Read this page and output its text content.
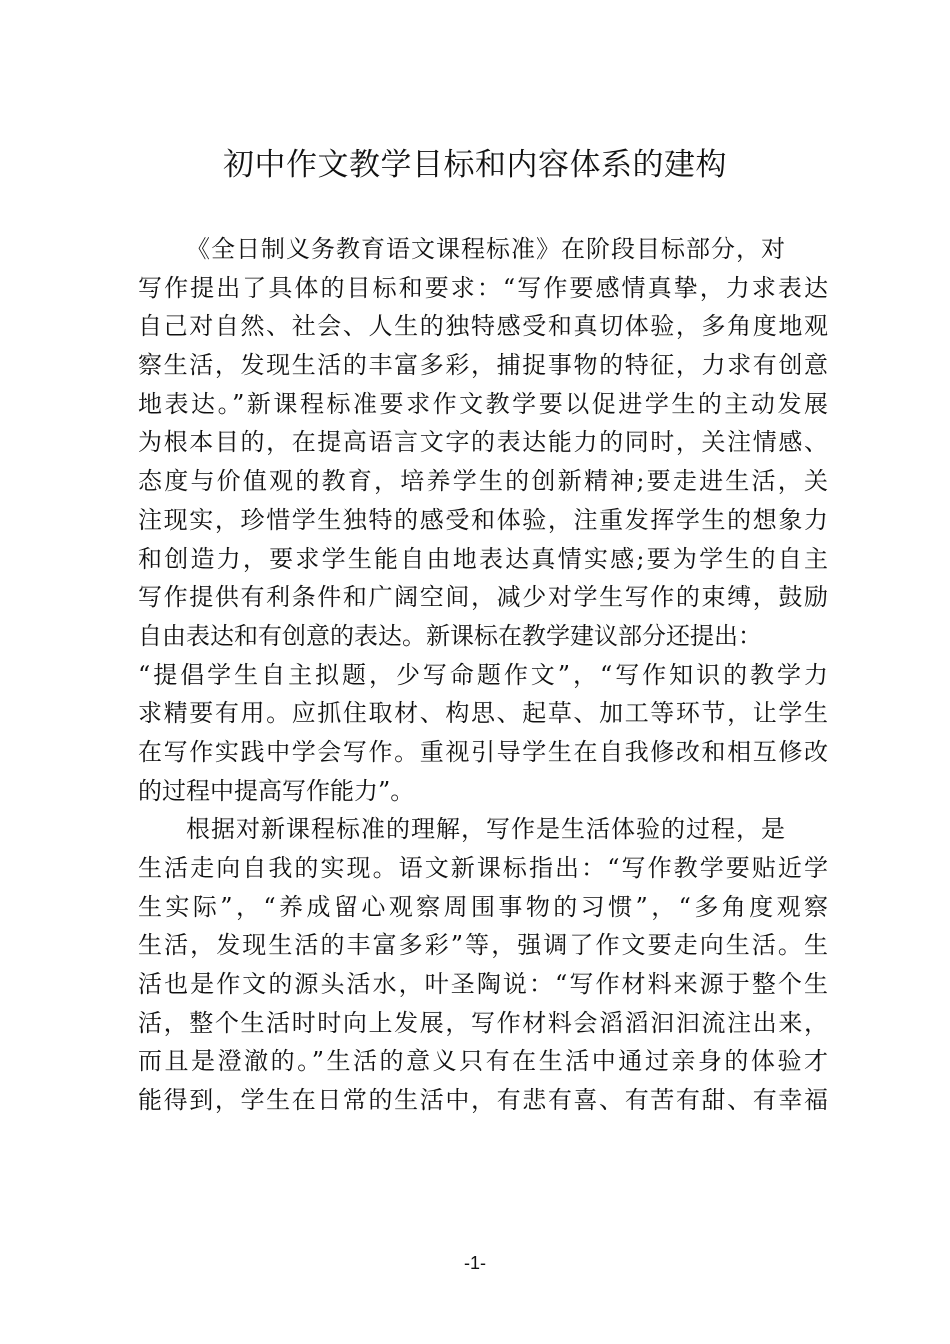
初中作文教学目标和内容体系的建构
《全日制义务教育语文课程标准》在阶段目标部分，对
写作提出了具体的目标和要求：“写作要感情真挚，力求表达
自己对自然、社会、人生的独特感受和真切体验，多角度地观
察生活，发现生活的丰富多彩，捕捉事物的特征，力求有创意
地表达。”新课程标准要求作文教学要以促进学生的主动发展
为根本目的，在提高语言文字的表达能力的同时，关注情感、
态度与价值观的教育，培养学生的创新精神;要走进生活，关
注现实，珍惜学生独特的感受和体验，注重发挥学生的想象力
和创造力，要求学生能自由地表达真情实感;要为学生的自主
写作提供有利条件和广阔空间，减少对学生写作的束缚，鼓励
自由表达和有创意的表达。新课标在教学建议部分还提出：
“提倡学生自主拟题，少写命题作文”，“写作知识的教学力
求精要有用。应抓住取材、构思、起草、加工等环节，让学生
在写作实践中学会写作。重视引导学生在自我修改和相互修改
的过程中提高写作能力”。
根据对新课程标准的理解，写作是生活体验的过程，是
生活走向自我的实现。语文新课标指出：“写作教学要贴近学
生实际”，“养成留心观察周围事物的习惯”，“多角度观察
生活，发现生活的丰富多彩”等，强调了作文要走向生活。生
活也是作文的源头活水，叶圣陶说：“写作材料来源于整个生
活，整个生活时时向上发展，写作材料会滔滔汩汩流注出来，
而且是澄澈的。”生活的意义只有在生活中通过亲身的体验才
能得到，学生在日常的生活中，有悲有喜、有苦有甜、有幸福
-1-
